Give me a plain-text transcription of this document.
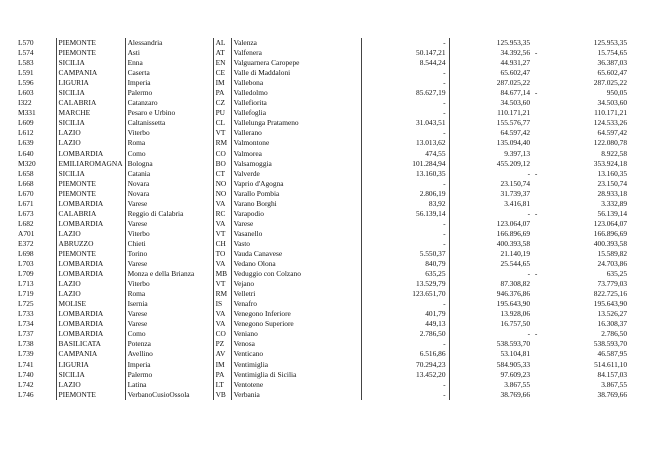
L570	PIEMONTE	Alessandria	AL	Valenza	-	125.953,35		125.953,35
L574	PIEMONTE	Asti	AT	Valfenera	50.147,21	34.392,56	-	15.754,65
L583	SICILIA	Enna	EN	Valguarnera Caropepe	8.544,24	44.931,27		36.387,03
L591	CAMPANIA	Caserta	CE	Valle di Maddaloni	-	65.602,47		65.602,47
L596	LIGURIA	Imperia	IM	Vallebona	-	287.025,22		287.025,22
L603	SICILIA	Palermo	PA	Valledolmo	85.627,19	84.677,14	-	950,05
I322	CALABRIA	Catanzaro	CZ	Vallefiorita	-	34.503,60		34.503,60
M331	MARCHE	Pesaro e Urbino	PU	Vallefoglia	-	110.171,21		110.171,21
L609	SICILIA	Caltanissetta	CL	Vallelunga Pratameno	31.043,51	155.576,77		124.533,26
L612	LAZIO	Viterbo	VT	Vallerano	-	64.597,42		64.597,42
L639	LAZIO	Roma	RM	Valmontone	13.013,62	135.094,40		122.080,78
L640	LOMBARDIA	Como	CO	Valmorea	474,55	9.397,13		8.922,58
M320	EMILIAROMAGNA	Bologna	BO	Valsamoggia	101.284,94	455.209,12		353.924,18
L658	SICILIA	Catania	CT	Valverde	13.160,35	-	-	13.160,35
L668	PIEMONTE	Novara	NO	Vaprio d'Agogna	-	23.150,74		23.150,74
L670	PIEMONTE	Novara	NO	Varallo Pombia	2.806,19	31.739,37		28.933,18
L671	LOMBARDIA	Varese	VA	Varano Borghi	83,92	3.416,81		3.332,89
L673	CALABRIA	Reggio di Calabria	RC	Varapodio	56.139,14	-	-	56.139,14
L682	LOMBARDIA	Varese	VA	Varese	-	123.064,07		123.064,07
A701	LAZIO	Viterbo	VT	Vasanello	-	166.896,69		166.896,69
E372	ABRUZZO	Chieti	CH	Vasto	-	400.393,58		400.393,58
L698	PIEMONTE	Torino	TO	Vauda Canavese	5.550,37	21.140,19		15.589,82
L703	LOMBARDIA	Varese	VA	Vedano Olona	840,79	25.544,65		24.703,86
L709	LOMBARDIA	Monza e della Brianza	MB	Veduggio con Colzano	635,25	-	-	635,25
L713	LAZIO	Viterbo	VT	Vejano	13.529,79	87.308,82		73.779,03
L719	LAZIO	Roma	RM	Velletri	123.651,70	946.376,86		822.725,16
L725	MOLISE	Isernia	IS	Venafro	-	195.643,90		195.643,90
L733	LOMBARDIA	Varese	VA	Venegono Inferiore	401,79	13.928,06		13.526,27
L734	LOMBARDIA	Varese	VA	Venegono Superiore	449,13	16.757,50		16.308,37
L737	LOMBARDIA	Como	CO	Veniano	2.786,50	-	-	2.786,50
L738	BASILICATA	Potenza	PZ	Venosa	-	538.593,70		538.593,70
L739	CAMPANIA	Avellino	AV	Venticano	6.516,86	53.104,81		46.587,95
L741	LIGURIA	Imperia	IM	Ventimiglia	70.294,23	584.905,33		514.611,10
L740	SICILIA	Palermo	PA	Ventimiglia di Sicilia	13.452,20	97.609,23		84.157,03
L742	LAZIO	Latina	LT	Ventotene	-	3.867,55		3.867,55
L746	PIEMONTE	VerbanoCusioOssola	VB	Verbania	-	38.769,66		38.769,66
